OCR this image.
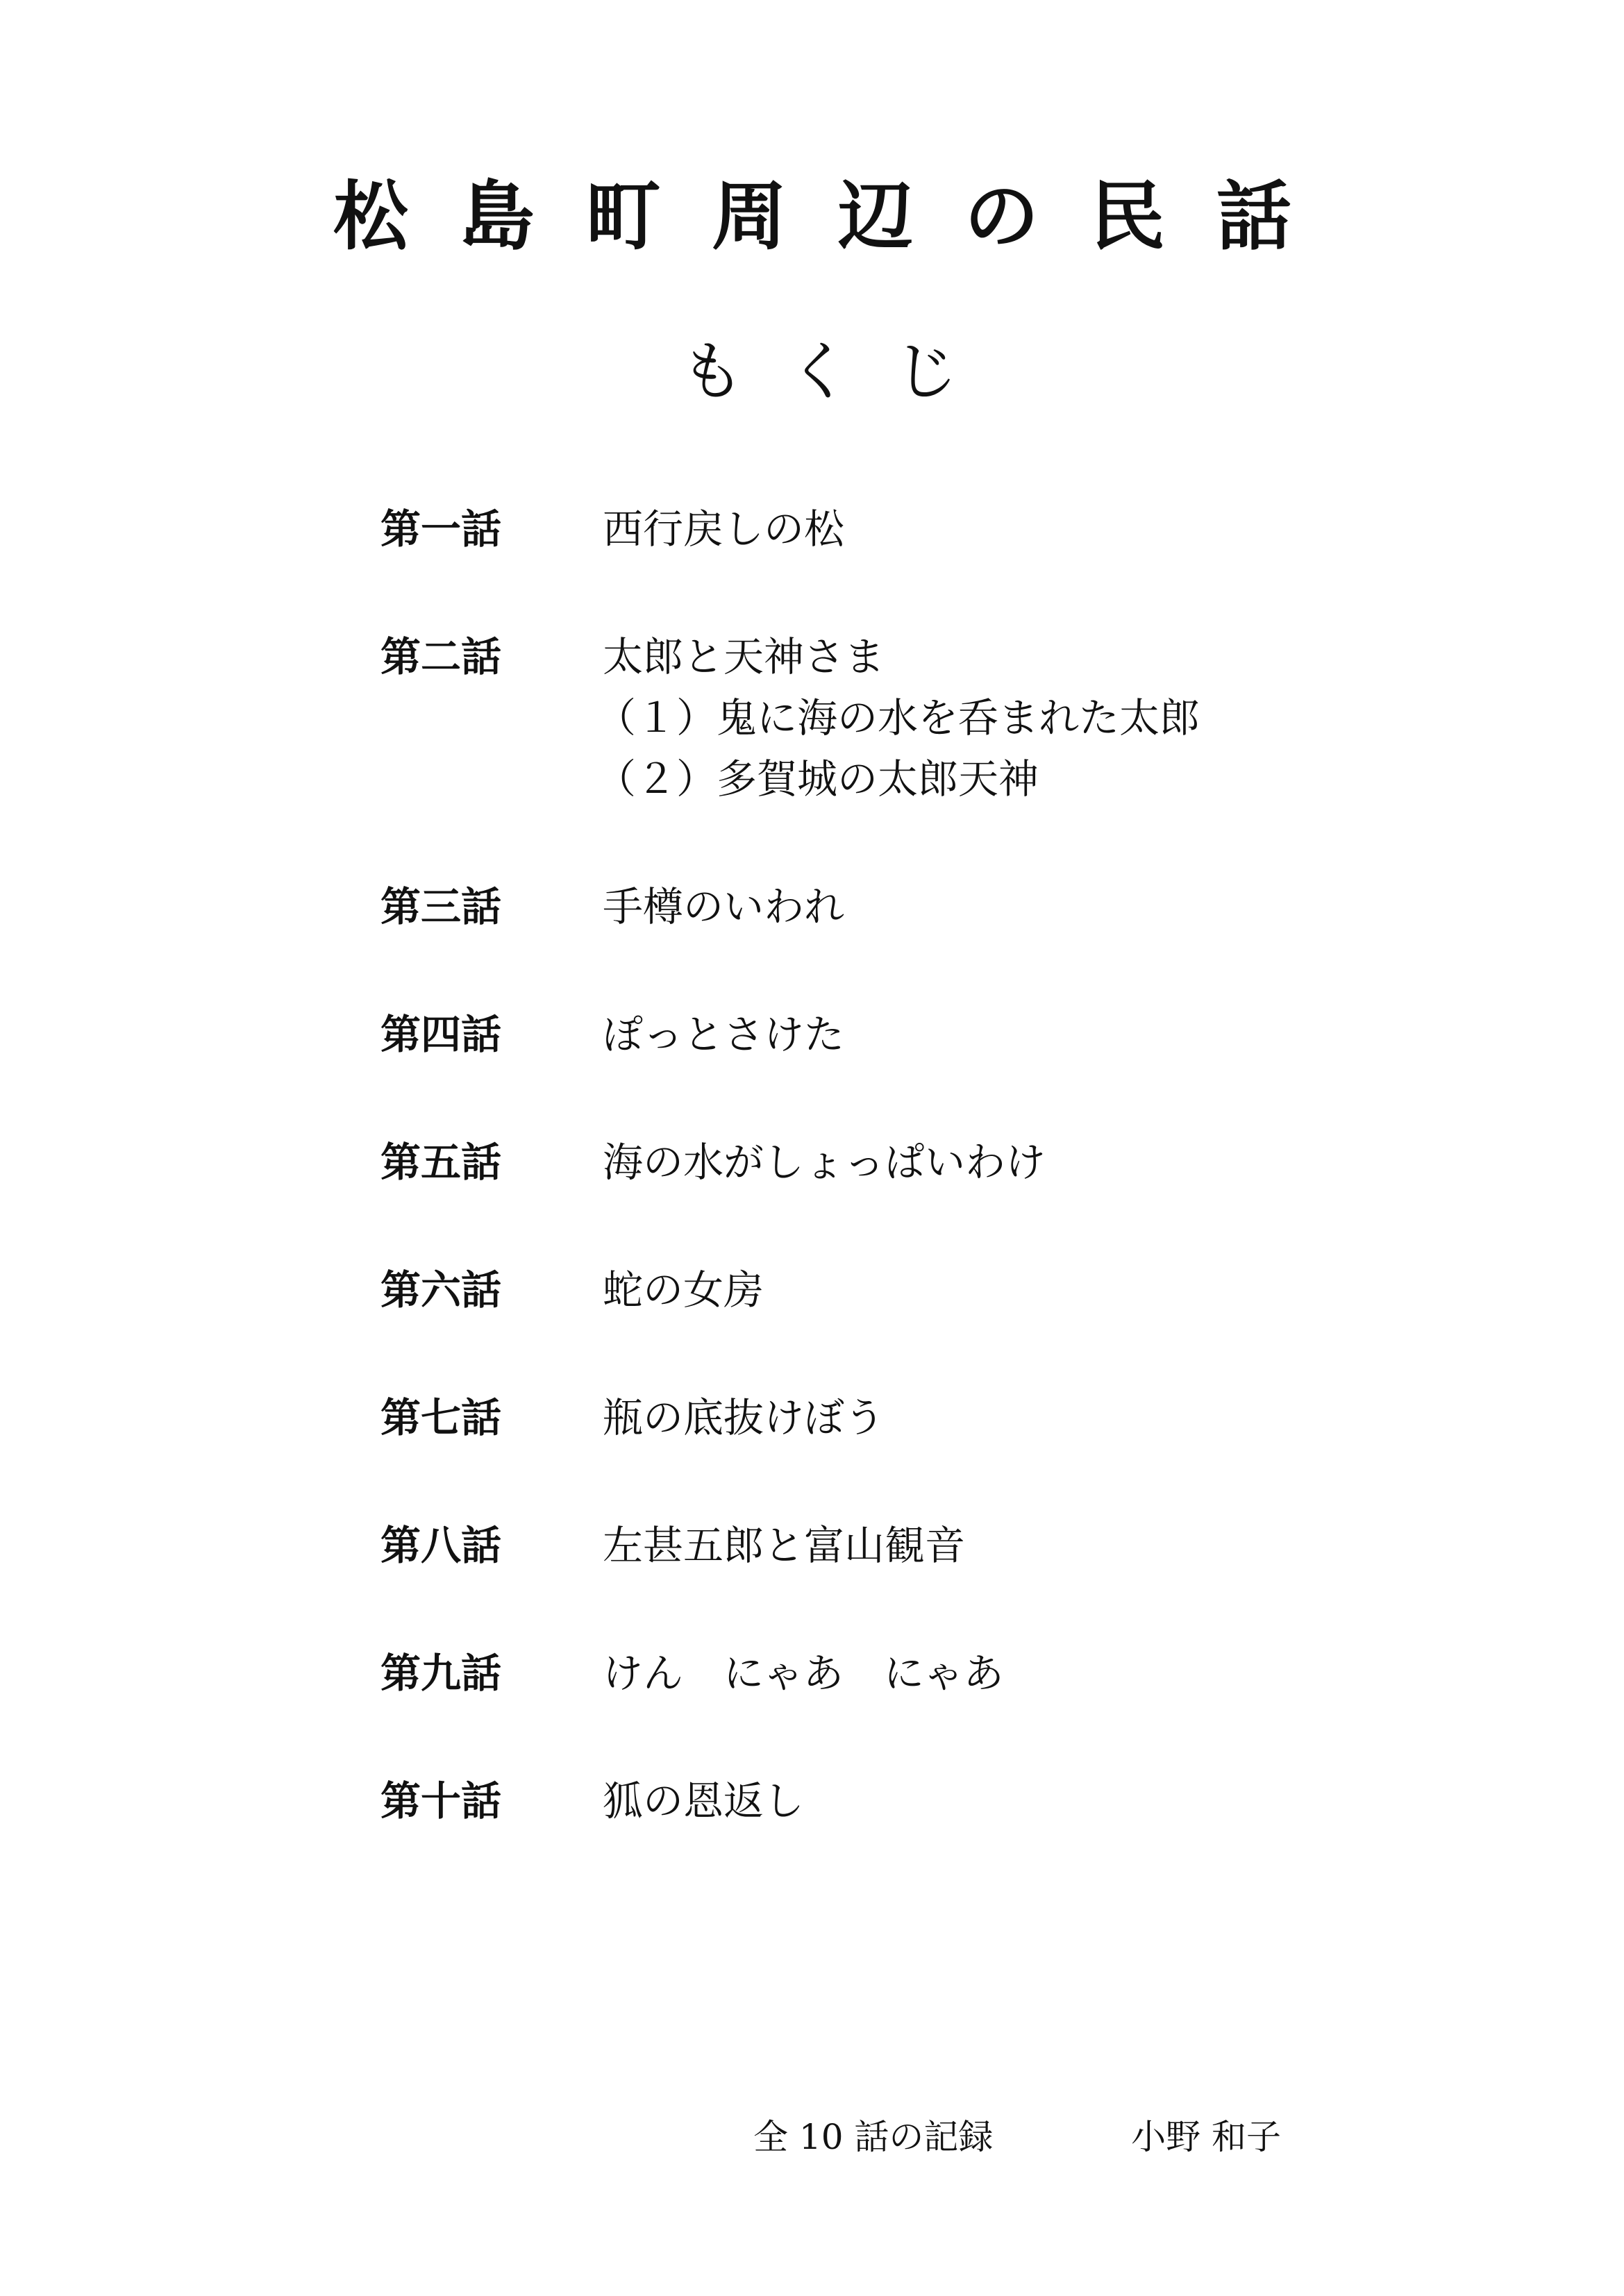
松 島 町 周 辺 の 民 話
も く じ
第一話	西行戻しの松
第二話	太郎と天神さま
（１）鬼に海の水を呑まれた太郎
（２）多賀城の太郎天神
第三話	手樽のいわれ
第四話	ぽっとさけた
第五話	海の水がしょっぱいわけ
第六話	蛇の女房
第七話	瓶の底抜けぼう
第八話	左甚五郎と富山観音
第九話	けん　にゃあ　にゃあ
第十話	狐の恩返し
全 10 話の記録	小野 和子
